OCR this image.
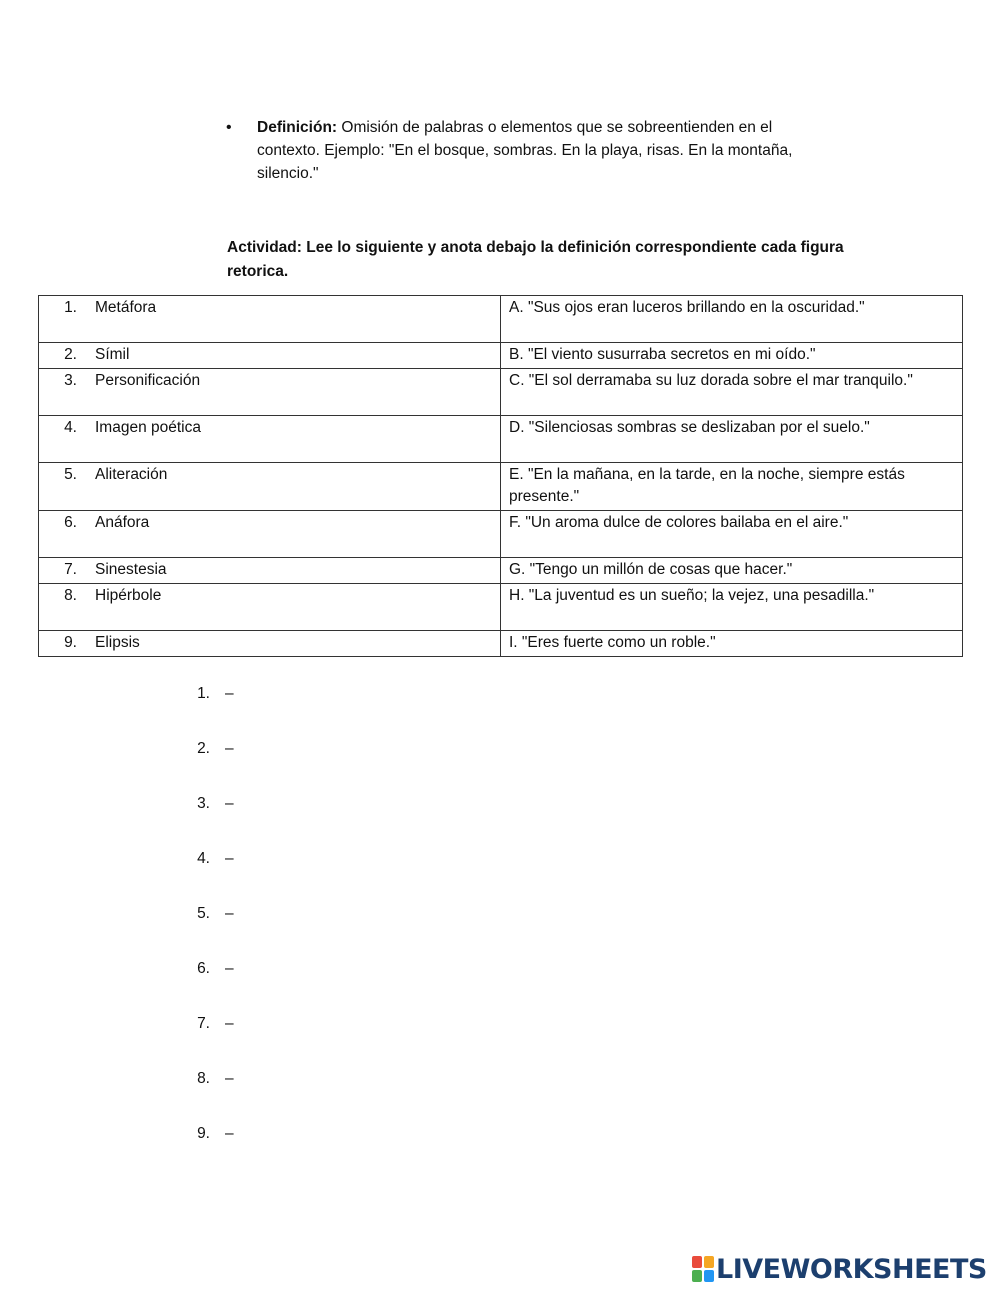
• Definición: Omisión de palabras o elementos que se sobreentienden en el contexto. Ejemplo: "En el bosque, sombras. En la playa, risas. En la montaña, silencio."
Actividad: Lee lo siguiente y anota debajo la definición correspondiente cada figura retorica.
1. Metáfora	A. "Sus ojos eran luceros brillando en la oscuridad."
2. Símil	B. "El viento susurraba secretos en mi oído."
3. Personificación	C. "El sol derramaba su luz dorada sobre el mar tranquilo."
4. Imagen poética	D. "Silenciosas sombras se deslizaban por el suelo."
5. Aliteración	E. "En la mañana, en la tarde, en la noche, siempre estás presente."
6. Anáfora	F. "Un aroma dulce de colores bailaba en el aire."
7. Sinestesia	G. "Tengo un millón de cosas que hacer."
8. Hipérbole	H. "La juventud es un sueño; la vejez, una pesadilla."
9. Elipsis	I. "Eres fuerte como un roble."
1. –
2. –
3. –
4. –
5. –
6. –
7. –
8. –
9. –
LIVEWORKSHEETS
